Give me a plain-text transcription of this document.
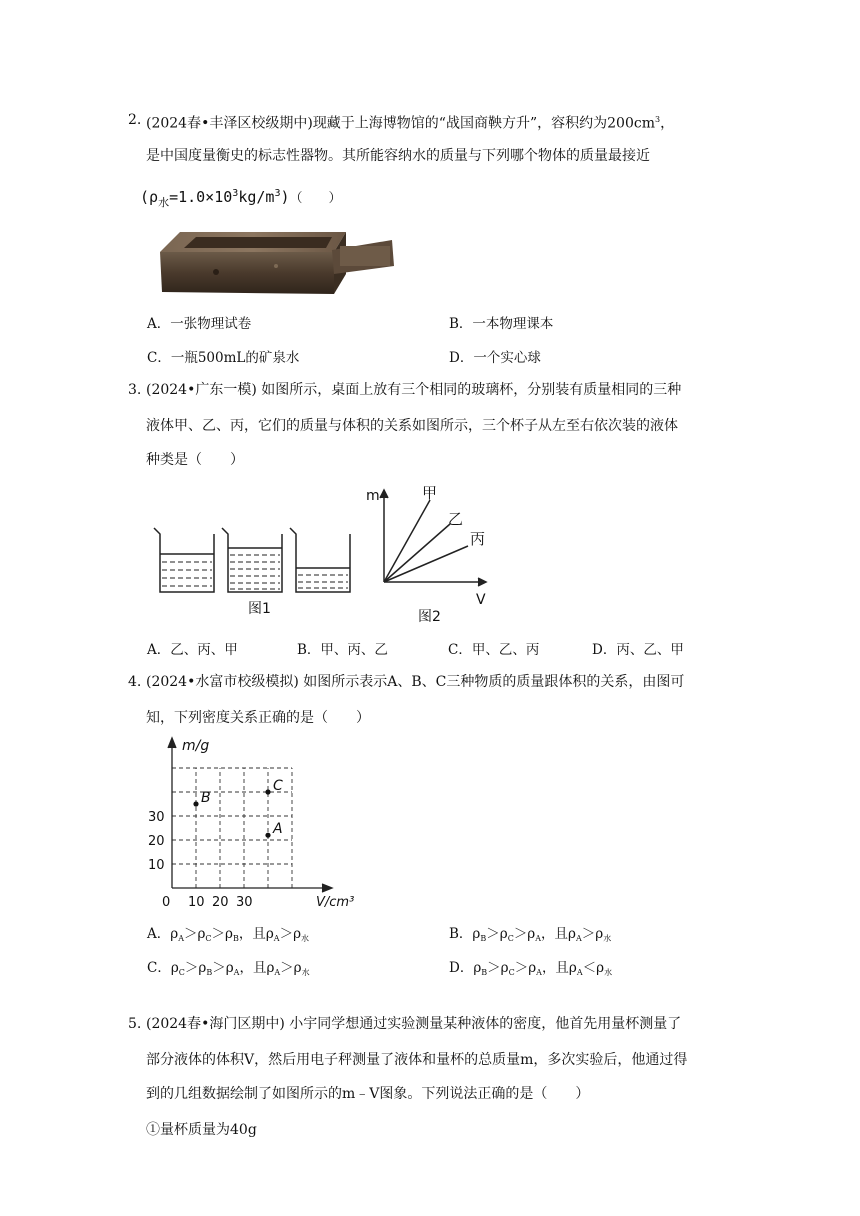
2. (2024春•丰泽区校级期中)现藏于上海博物馆的“战国商鞅方升”，容积约为$200cm^3$，
是中国度量衡史的标志性器物。其所能容纳水的质量与下列哪个物体的质量最接近
$(\rho_水=1.0\times 10^3kg/m^3)$（　　）
A．一张物理试卷	B．一本物理课本
C．一瓶500mL的矿泉水	D．一个实心球
3. (2024•广东一模) 如图所示，桌面上放有三个相同的玻璃杯，分别装有质量相同的三种
液体甲、乙、丙，它们的质量与体积的关系如图所示，三个杯子从左至右依次装的液体
种类是（　　）
图1
m
V
甲
乙
丙
图2
A．乙、丙、甲	B．甲、丙、乙	C．甲、乙、丙	D．丙、乙、甲
4. (2024•水富市校级模拟) 如图所示表示A、B、C三种物质的质量跟体积的关系，由图可
知，下列密度关系正确的是（　　）
m/g
V/cm³
0 10 20 30
10
20
30
A
B
C
A．$\rho_A>\rho_C>\rho_B$，且$\rho_A>\rho_水$	B．$\rho_B>\rho_C>\rho_A$，且$\rho_A>\rho_水$
C．$\rho_C>\rho_B>\rho_A$，且$\rho_A>\rho_水$	D．$\rho_B>\rho_C>\rho_A$，且$\rho_A<\rho_水$
5. (2024春•海门区期中) 小宇同学想通过实验测量某种液体的密度，他首先用量杯测量了
部分液体的体积V，然后用电子秤测量了液体和量杯的总质量m，多次实验后，他通过得
到的几组数据绘制了如图所示的m﹣V图象。下列说法正确的是（　　）
①量杯质量为40g
